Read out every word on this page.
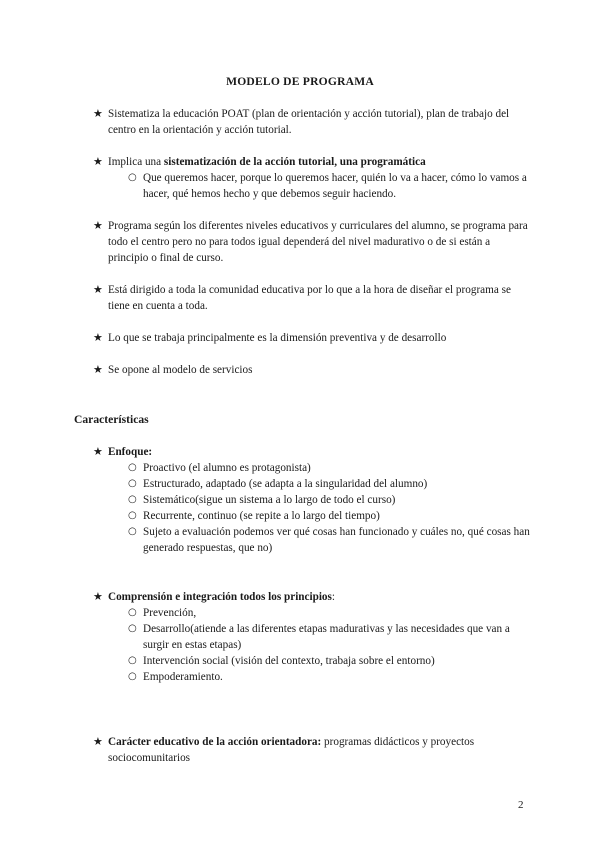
MODELO DE PROGRAMA
★ Sistematiza la educación POAT (plan de orientación y acción tutorial), plan de trabajo del centro en la orientación y acción tutorial.
★ Implica una sistematización de la acción tutorial, una programática
○ Que queremos hacer, porque lo queremos hacer, quién lo va a hacer, cómo lo vamos a hacer, qué hemos hecho y que debemos seguir haciendo.
★ Programa según los diferentes niveles educativos y curriculares del alumno, se programa para todo el centro pero no para todos igual dependerá del nivel madurativo o de si están a principio o final de curso.
★ Está dirigido a toda la comunidad educativa por lo que a la hora de diseñar el programa se tiene en cuenta a toda.
★ Lo que se trabaja principalmente es la dimensión preventiva y de desarrollo
★ Se opone al modelo de servicios
Características
★ Enfoque:
○ Proactivo (el alumno es protagonista)
○ Estructurado, adaptado (se adapta a la singularidad del alumno)
○ Sistemático(sigue un sistema a lo largo de todo el curso)
○ Recurrente, continuo (se repite a lo largo del tiempo)
○ Sujeto a evaluación podemos ver qué cosas han funcionado y cuáles no, qué cosas han generado respuestas, que no)
★ Comprensión e integración todos los principios:
○ Prevención,
○ Desarrollo(atiende a las diferentes etapas madurativas y las necesidades que van a surgir en estas etapas)
○ Intervención social (visión del contexto, trabaja sobre el entorno)
○ Empoderamiento.
★ Carácter educativo de la acción orientadora: programas didácticos y proyectos sociocomunitarios
2
